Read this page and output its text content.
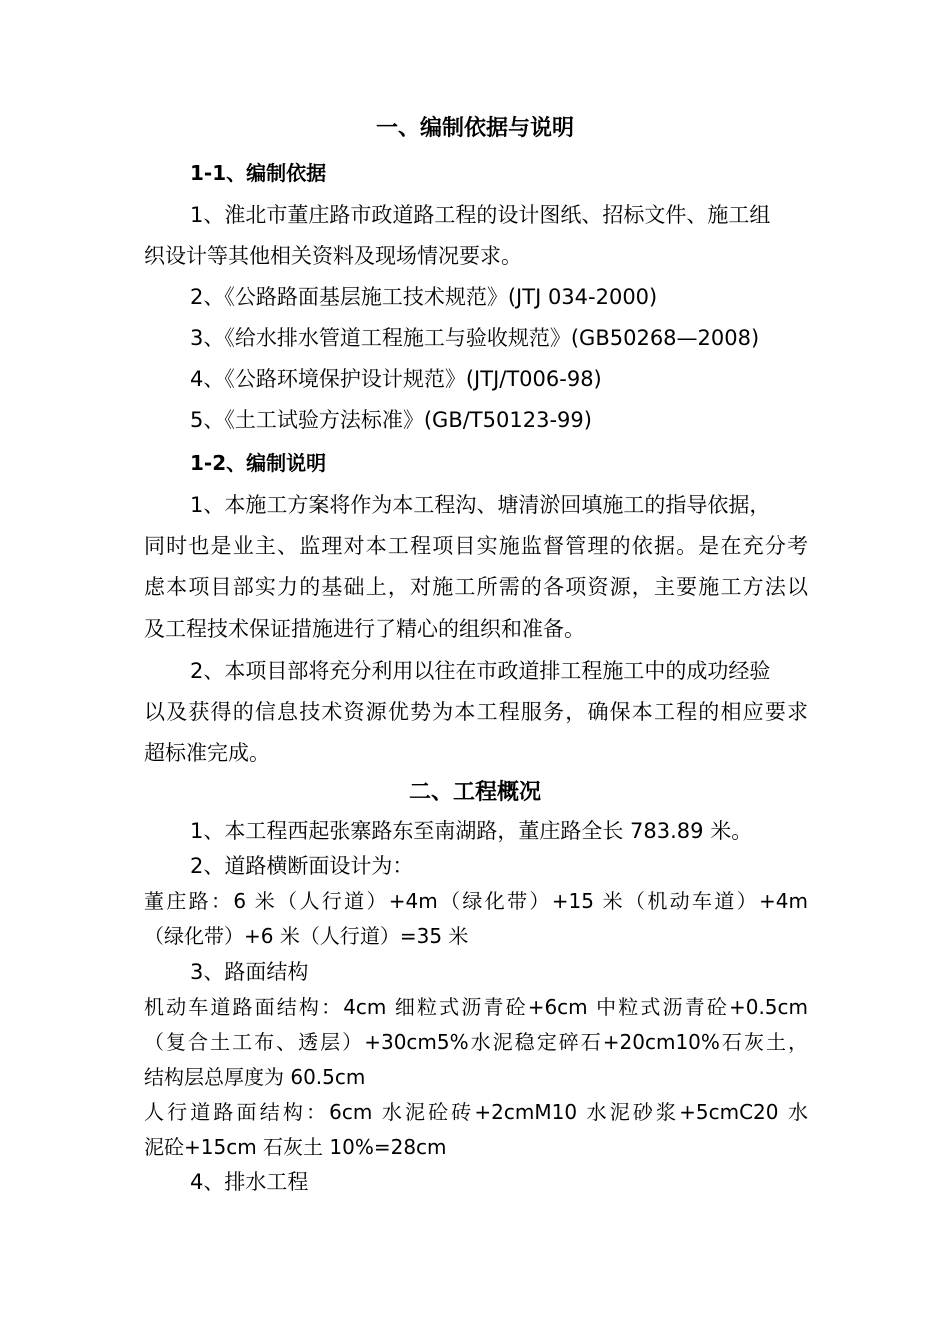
一、编制依据与说明
1-1、编制依据
1、淮北市董庄路市政道路工程的设计图纸、招标文件、施工组
织设计等其他相关资料及现场情况要求。
2、《公路路面基层施工技术规范》(JTJ 034-2000)
3、《给水排水管道工程施工与验收规范》(GB50268—2008)
4、《公路环境保护设计规范》(JTJ/T006-98)
5、《土工试验方法标准》(GB/T50123-99)
1-2、编制说明
1、本施工方案将作为本工程沟、塘清淤回填施工的指导依据，
同时也是业主、监理对本工程项目实施监督管理的依据。是在充分考
虑本项目部实力的基础上，对施工所需的各项资源，主要施工方法以
及工程技术保证措施进行了精心的组织和准备。
2、本项目部将充分利用以往在市政道排工程施工中的成功经验
以及获得的信息技术资源优势为本工程服务，确保本工程的相应要求
超标准完成。
二、工程概况
1、本工程西起张寨路东至南湖路，董庄路全长 783.89 米。
2、道路横断面设计为：
董庄路：6 米（人行道）+4m（绿化带）+15 米（机动车道）+4m
（绿化带）+6 米（人行道）=35 米
3、路面结构
机动车道路面结构：4cm 细粒式沥青砼+6cm 中粒式沥青砼+0.5cm
（复合土工布、透层）+30cm5%水泥稳定碎石+20cm10%石灰土，
结构层总厚度为 60.5cm
人行道路面结构：6cm 水泥砼砖+2cmM10 水泥砂浆+5cmC20 水
泥砼+15cm 石灰土 10%=28cm
4、排水工程
